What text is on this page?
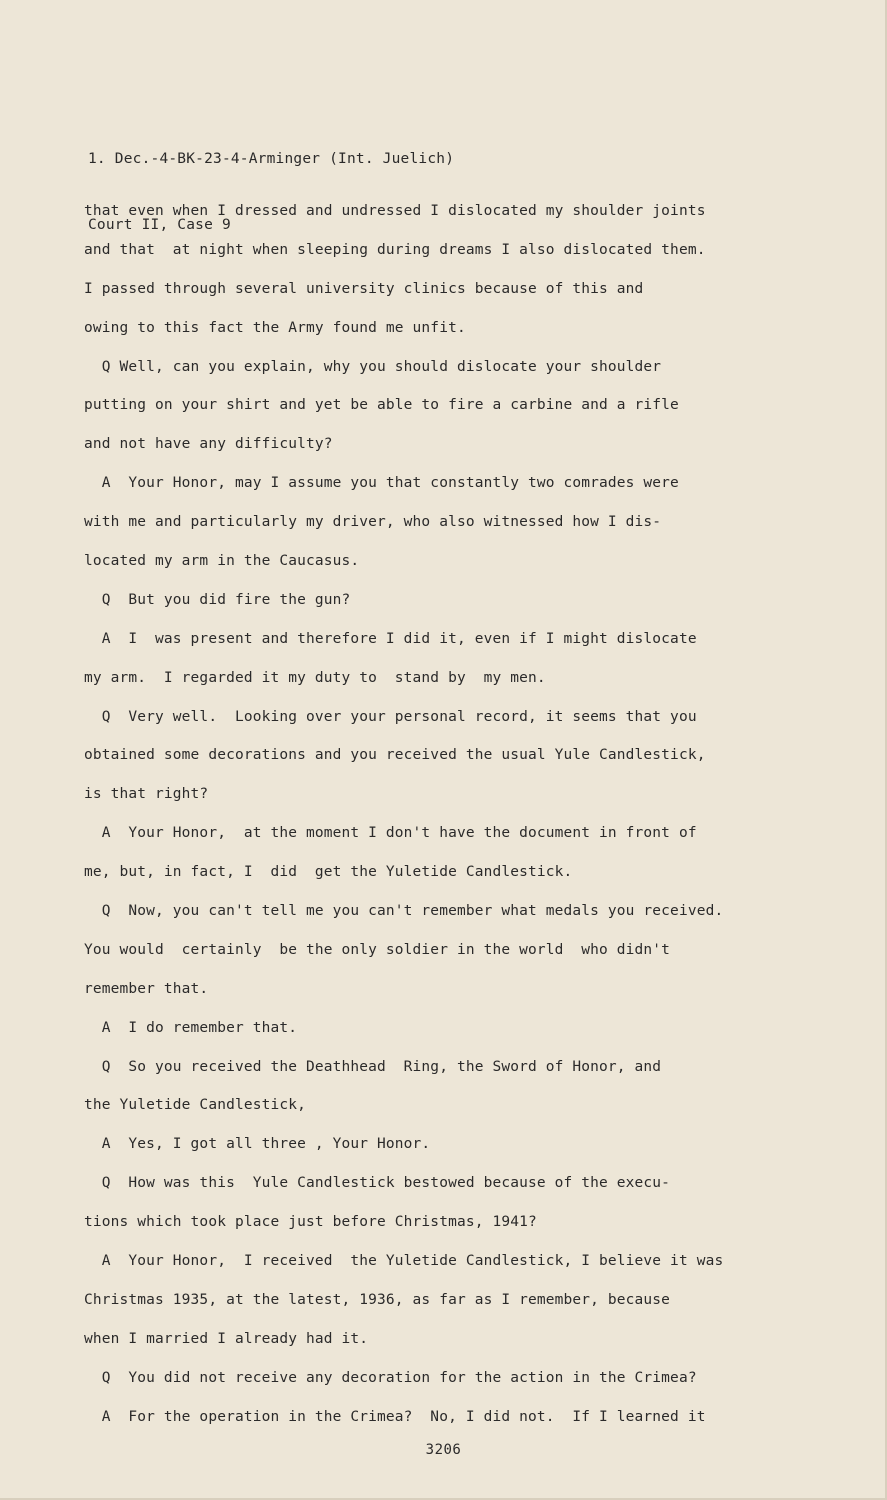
1. Dec.-4-BK-23-4-Arminger (Int. Juelich)

Court II, Case 9

that even when I dressed and undressed I dislocated my shoulder joints
and that  at night when sleeping during dreams I also dislocated them.
I passed through several university clinics because of this and
owing to this fact the Army found me unfit.
Q Well, can you explain, why you should dislocate your shoulder
putting on your shirt and yet be able to fire a carbine and a rifle
and not have any difficulty?
A  Your Honor, may I assume you that constantly two comrades were
with me and particularly my driver, who also witnessed how I dis-
located my arm in the Caucasus.
Q  But you did fire the gun?
A  I  was present and therefore I did it, even if I might dislocate
my arm.  I regarded it my duty to  stand by  my men.
Q  Very well.  Looking over your personal record, it seems that you
obtained some decorations and you received the usual Yule Candlestick,
is that right?
A  Your Honor,  at the moment I don't have the document in front of
me, but, in fact, I  did  get the Yuletide Candlestick.
Q  Now, you can't tell me you can't remember what medals you received.
You would  certainly  be the only soldier in the world  who didn't
remember that.
A  I do remember that.
Q  So you received the Deathhead  Ring, the Sword of Honor, and
the Yuletide Candlestick,
A  Yes, I got all three , Your Honor.
Q  How was this  Yule Candlestick bestowed because of the execu-
tions which took place just before Christmas, 1941?
A  Your Honor,  I received  the Yuletide Candlestick, I believe it was
Christmas 1935, at the latest, 1936, as far as I remember, because
when I married I already had it.
Q  You did not receive any decoration for the action in the Crimea?
A  For the operation in the Crimea?  No, I did not.  If I learned it
3206
